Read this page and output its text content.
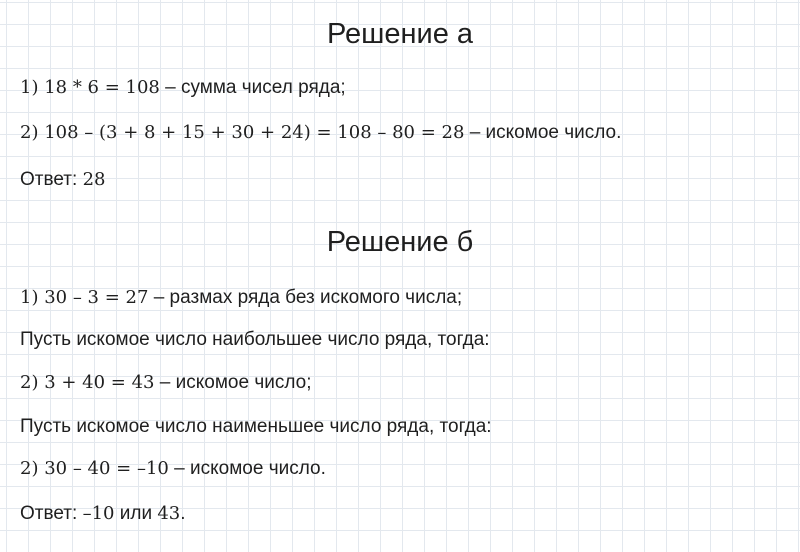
Решение а

1) 18 * 6 = 108 – сумма чисел ряда;

2) 108 – (3 + 8 + 15 + 30 + 24) = 108 – 80 = 28 – искомое число.

Ответ: 28

Решение б

1) 30 – 3 = 27 – размах ряда без искомого числа;

Пусть искомое число наибольшее число ряда, тогда:

2) 3 + 40 = 43 – искомое число;

Пусть искомое число наименьшее число ряда, тогда:

2) 30 – 40 = –10 – искомое число.

Ответ: –10 или 43.
